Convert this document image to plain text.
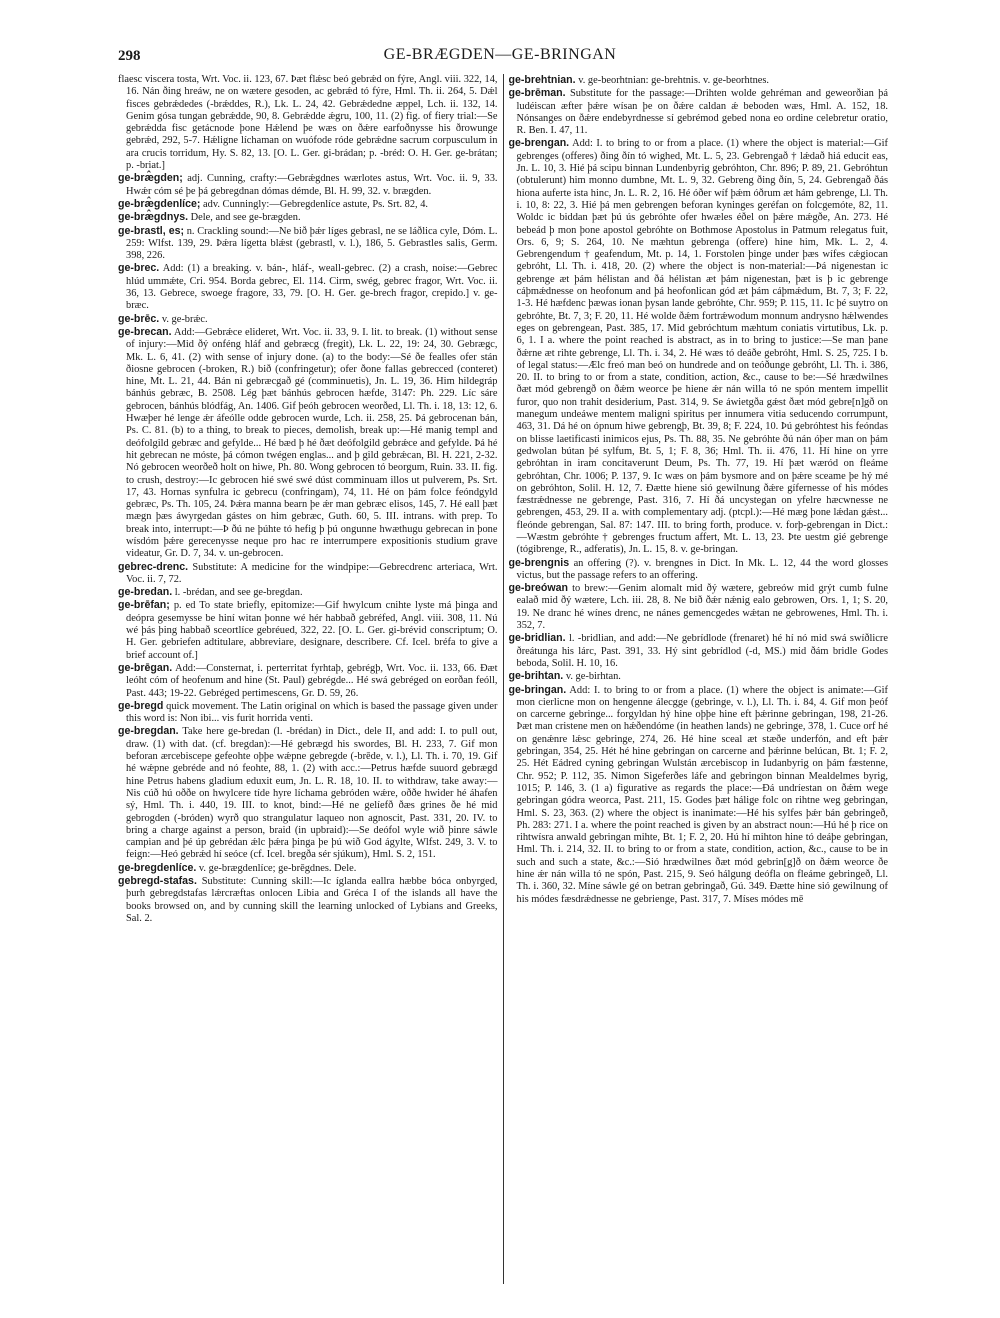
298	GE-BRÆGDEN—GE-BRINGAN

flaesc viscera tosta, Wrt. Voc. ii. 123, 67. Þæt flǽsc beó gebrǽd on fýre, Angl. viii. 322, 14, 16. Nán ðing hreáw, ne on wætere gesoden, ac gebrǽd tó fýre, Hml. Th. ii. 264, 5. Dǽl fisces gebrǽdedes (-brǽddes, R.), Lk. L. 24, 42. Gebrǽdedne æppel, Lch. ii. 132, 14. Genim gósa tungan gebrǽdde, 90, 8. Gebrǽdde ǽgru, 100, 11. (2) fig. of fiery trial:—Se gebrǽdda fisc getácnode þone Hǽlend þe wæs on ðǽre earfoðnysse his ðrowunge gebrǽd, 292, 5-7. Hǽligne líchaman on wuófode róde gebrǽdne sacrum corpusculum in ara crucis torridum, Hy. S. 82, 13. [O. L. Ger. gi-brádan; p. -bréd: O. H. Ger. ge-brátan; p. -briat.]

ge-bræ̂gden; adj. Cunning, crafty:—Gebrǽgdnes wærlotes astus, Wrt. Voc. ii. 9, 33. Hwǽr cóm sé þe þá gebregdnan dómas démde, Bl. H. 99, 32. v. brægden.

ge-bræ̂gdenlíce; adv. Cunningly:—Gebregdenlíce astute, Ps. Srt. 82, 4.

ge-bræ̂gdnys. Dele, and see ge-brægden.

ge-brastl, es; n. Crackling sound:—Ne bið þǽr líges gebrasl, ne se láðlica cyle, Dóm. L. 259: Wlfst. 139, 29. Þǽra lígetta blǽst (gebrastl, v. l.), 186, 5. Gebrastles salis, Germ. 398, 226.

ge-brec. Add: (1) a breaking. v. bán-, hláf-, weall-gebrec. (2) a crash, noise:—Gebrec hlúd ummǽte, Cri. 954. Borda gebrec, El. 114. Cirm, swég, gebrec fragor, Wrt. Voc. ii. 36, 13. Gebrece, swoege fragore, 33, 79. [O. H. Ger. ge-brech fragor, crepido.] v. ge-bræc.

ge-brēc. v. ge-brǽc.

ge-brecan. Add:—Gebrǽce elideret, Wrt. Voc. ii. 33, 9. I. lit. to break. (1) without sense of injury:—Mid ðý onféng hláf and gebræcg (fregit), Lk. L. 22, 19: 24, 30. Gebrægc, Mk. L. 6, 41. (2) with sense of injury done. (a) to the body:—Sé ðe fealles ofer stán ðiosne gebrocen (-broken, R.) bið (confringetur); ofer ðone fallas gebrecced (conteret) hine, Mt. L. 21, 44. Bán ni gebræcgað gé (comminuetis), Jn. L. 19, 36. Him hildegráp bánhús gebræc, B. 2508. Lég þæt bánhús gebrocen hæfde, 3147: Ph. 229. Líc sáre gebrocen, bánhús blódfág, An. 1406. Gif þeóh gebrocen weorðed, Ll. Th. i. 18, 13: 12, 6. Hwæþer hé lenge ǽr áfeólle odde gebrocen wurde, Lch. ii. 258, 25. Þá gebrocenan bán, Ps. C. 81. (b) to a thing, to break to pieces, demolish, break up:—Hé manig templ and deófolgild gebræc and gefylde... Hé bæd þ hé ðæt deófolgild gebrǽce and gefylde. Þá hé hit gebrecan ne móste, þá cómon twégen englas... and þ gild gebrǽcan, Bl. H. 221, 2-32. Nó gebrocen weorðeð holt on hiwe, Ph. 80. Wong gebrocen tó beorgum, Ruin. 33. II. fig. to crush, destroy:—Ic gebrocen hié swé swé dúst comminuam illos ut pulverem, Ps. Srt. 17, 43. Hornas synfulra ic gebrecu (confringam), 74, 11. Hé on þám folce feóndgyld gebræc, Ps. Th. 105, 24. Þǽra manna bearn þe ǽr man gebræc elisos, 145, 7. Hé eall þæt mægn þæs áwyrgedan gástes on him gebræc, Guth. 60, 5. III. intrans. with prep. To break into, interrupt:—Þ ðú ne þúhte tó hefig þ þú ongunne hwæthugu gebrecan in þone wísdóm þǽre gerecenysse neque pro hac re interrumpere expositionis studium grave videatur, Gr. D. 7, 34. v. un-gebrocen.

gebrec-drenc. Substitute: A medicine for the windpipe:—Gebrecdrenc arteriaca, Wrt. Voc. ii. 7, 72.

ge-bredan. l. -brédan, and see ge-bregdan.

ge-brēfan; p. ed To state briefly, epitomize:—Gif hwylcum cnihte lyste má þinga and deópra gesemysse be hiní witan þonne wé hér habbað gebréfed, Angl. viii. 308, 11. Nú wé þás þing habbað sceortlíce gebréued, 322, 22. [O. L. Ger. gi-brévid conscriptum; O. H. Ger. gebriefen adtitulare, abbreviare, designare, describere. Cf. Icel. bréfa to give a brief account of.]

ge-brēgan. Add:—Consternat, i. perterritat fyrhtaþ, gebrégþ, Wrt. Voc. ii. 133, 66. Ðæt leóht cóm of heofenum and hine (St. Paul) gebrégde... Hé swá gebréged on eorðan feóll, Past. 443; 19-22. Gebréged pertimescens, Gr. D. 59, 26.

ge-bregd quick movement. The Latin original on which is based the passage given under this word is: Non ibi... vis furit horrida venti.

ge-bregdan. Take here ge-bredan (l. -brédan) in Dict., dele II, and add: I. to pull out, draw. (1) with dat. (cf. bregdan):—Hé gebrægd his swordes, Bl. H. 233, 7. Gif mon beforan ærcebiscepe gefeohte oþþe wǽpne gebregde (-brēde, v. l.), Ll. Th. i. 70, 19. Gif hé wǽpne gebréde and nó feohte, 88, 1. (2) with acc.:—Petrus hæfde suuord gebrægd hine Petrus habens gladium eduxit eum, Jn. L. R. 18, 10. II. to withdraw, take away:—Nis cúð hú oððe on hwylcere tíde hyre líchama gebróden wǽre, oððe hwider hé áhafen sý, Hml. Th. i. 440, 19. III. to knot, bind:—Hé ne gelíefð ðæs grines ðe hé mid gebrogden (-bróden) wyrð quo strangulatur laqueo non agnoscit, Past. 331, 20. IV. to bring a charge against a person, braid (in upbraid):—Se deófol wyle wið þinre sáwle campian and þé úp gebrédan ǽlc þǽra þinga þe þú wið God ágylte, Wlfst. 249, 3. V. to feign:—Heó gebrǽd hí seóce (cf. Icel. bregða sér sjúkum), Hml. S. 2, 151.

ge-bregdenlíce. v. ge-brægdenlíce; ge-brēgdnes. Dele.

gebregd-stafas. Substitute: Cunning skill:—Ic íglanda eallra hæbbe bóca onbyrged, þurh gebregdstafas lǽrcræftas onlocen Libia and Gréca I of the islands all have the books browsed on, and by cunning skill the learning unlocked of Lybians and Greeks, Sal. 2.

ge-brehtnian. v. ge-beorhtnian: ge-brehtnis. v. ge-beorhtnes.

ge-brēman. Substitute for the passage:—Drihten wolde gehréman and geweorðian þá ludéiscan æfter þǽre wísan þe on ðǽre caldan ǽ beboden wæs, Hml. A. 152, 18. Nónsanges on ðǽre endebyrdnesse sí gebrémod gebed nona eo ordine celebretur oratio, R. Ben. I. 47, 11.

ge-brengan. Add: I. to bring to or from a place. (1) where the object is material:—Gif gebrenges (offeres) ðing ðín tó wighed, Mt. L. 5, 23. Gebrengað † lǽdað hiá educit eas, Jn. L. 10, 3. Hié þá scipu binnan Lundenbyrig gebróhton, Chr. 896; P. 89, 21. Gebróhtun (obtulerunt) him monno dumbne, Mt. L. 9, 32. Gebreng ðing ðín, 5, 24. Gebrengað ðás hiona auferte ista hinc, Jn. L. R. 2, 16. Hé óðer wíf þǽm óðrum æt hám gebrenge, Ll. Th. i. 10, 8: 22, 3. Hié þá men gebrengen beforan kyninges geréfan on folcgemóte, 82, 11. Woldc ic biddan þæt þú ús gebróhte ofer hwæles éðel on þǽre mǽgðe, An. 273. Hé bebeád þ mon þone apostol gebróhte on Bothmose Apostolus in Patmum relegatus fuit, Ors. 6, 9; S. 264, 10. Ne mæhtun gebrenga (offere) hine him, Mk. L. 2, 4. Gebrengendum † geafendum, Mt. p. 14, 1. Forstolen þinge under þæs wífes cǽgiocan gebróht, Ll. Th. i. 418, 20. (2) where the object is non-material:—Þá nigenestan ic gebrenge æt þám hélistan and ðá hélistan æt þám nigenestan, þæt is þ ic gebrenge cáþmǽdnesse on heofonum and þá heofonlican gód æt þám cáþmǽdum, Bt. 7, 3; F. 22, 1-3. Hé hæfdenc þæwas ionan þysan lande gebróhte, Chr. 959; P. 115, 11. Ic þé suytro on gebróhte, Bt. 7, 3; F. 20, 11. Hé wolde ðǽm fortrǽwodum monnum andrysno hǽlwendes eges on gebrengean, Past. 385, 17. Mid gebróchtum mæhtum coniatis virtutibus, Lk. p. 6, 1. I a. where the point reached is abstract, as in to bring to justice:—Se man þane ðǽrne æt rihte gebrenge, Ll. Th. i. 34, 2. Hé wæs tó deáðe gebróht, Hml. S. 25, 725. I b. of legal status:—Ælc freó man beó on hundrede and on teóðunge gebróht, Ll. Th. i. 386, 20. II. to bring to or from a state, condition, action, &c., cause to be:—Sé hrædwilnes ðæt mód gebrengð on ðǽm weorce þe hiene ǽr nán willa tó ne spón mentem impellit furor, quo non trahit desiderium, Past. 314, 9. Se áwietgða gǽst ðæt mód gebre[n]gð on manegum undeáwe mentem maligni spiritus per innumera vitia seducendo corrumpunt, 463, 31. Dá hé on ópnum hiwe gebrengþ, Bt. 39, 8; F. 224, 10. Þú gebróhtest his feóndas on blisse laetificasti inimicos ejus, Ps. Th. 88, 35. Ne gebróhte ðú nán óþer man on þám gedwolan bútan þé sylfum, Bt. 5, 1; F. 8, 36; Hml. Th. ii. 476, 11. Hí hine on yrre gebróhtan in iram concitaverunt Deum, Ps. Th. 77, 19. Hí þæt wæród on fleáme gebróhtan, Chr. 1006; P. 137, 9. Ic wæs on þám bysmore and on þǽre sceame þe hý mé on gebróhton, Solil. H. 12, 7. Ðætte hiene sió gewilnung ðǽre gífernesse of his módes fæstrǽdnesse ne gebrenge, Past. 316, 7. Hí ðá uncystegan on yfelre hæcwnesse ne gebrengen, 453, 29. II a. with complementary adj. (ptcpl.):—Hé mæg þone lǽdan gǽst... fleónde gebrengan, Sal. 87: 147. III. to bring forth, produce. v. forþ-gebrengan in Dict.:—Wæstm gebróhte † gebrenges fructum affert, Mt. L. 13, 23. Þte uestm gié gebrenge (tógibrenge, R., adferatis), Jn. L. 15, 8. v. ge-bringan.

ge-brengnis an offering (?). v. brengnes in Dict. In Mk. L. 12, 44 the word glosses victus, but the passage refers to an offering.

ge-breówan to brew:—Genim alomalt mid ðý wætere, gebreów mid grýt cumb fulne ealað mid ðý wætere, Lch. iii. 28, 8. Ne bið ðǽr nǽnig ealo gebrowen, Ors. 1, 1; S. 20, 19. Ne dranc hé wínes drenc, ne nánes gemencgedes wǽtan ne gebrowenes, Hml. Th. i. 352, 7.

ge-bridlian. l. -bridlian, and add:—Ne gebrídlode (frenaret) hé hí nó mid swá swíðlicre ðreátunga his lárc, Past. 391, 33. Hý sint gebrídlod (-d, MS.) mid ðám bridle Godes beboda, Solil. H. 10, 16.

ge-brihtan. v. ge-birhtan.

ge-bringan. Add: I. to bring to or from a place. (1) where the object is animate:—Gif mon cierlicne mon on hengenne álecgge (gebringe, v. l.), Ll. Th. i. 84, 4. Gif mon þeóf on carcerne gebringe... forgyldan hý hine oþþe hine eft þǽrinne gebringan, 198, 21-26. Þæt man cristene men on hǽðendóme (in heathen lands) ne gebringe, 378, 1. Cuce orf hé on genǽnre lǽsc gebringe, 274, 26. Hé hine sceal æt stæðe underfón, and eft þǽr gebringan, 354, 25. Hét hé hine gebringan on carcerne and þǽrinne belúcan, Bt. 1; F. 2, 25. Hét Eádred cyning gebringan Wulstán ærcebiscop in Iudanbyrig on þám fæstenne, Chr. 952; P. 112, 35. Nimon Sigeferðes láfe and gebringon binnan Mealdelmes byrig, 1015; P. 146, 3. (1 a) figurative as regards the place:—Ðá undríestan on ðǽm wege gebringan gódra weorca, Past. 211, 15. Godes þæt hálige folc on rihtne weg gebringan, Hml. S. 23, 363. (2) where the object is inanimate:—Hé his sylfes þǽr bán gebringeð, Ph. 283: 271. I a. where the point reached is given by an abstract noun:—Hú hé þ rice on rihtwísra anwald gebringan mihte, Bt. 1; F. 2, 20. Hú hí mihton hine tó deáþe gebringan, Hml. Th. i. 214, 32. II. to bring to or from a state, condition, action, &c., cause to be in such and such a state, &c.:—Sió hrædwilnes ðæt mód gebrin[g]ð on ðǽm weorce ðe hine ǽr nán willa tó ne spón, Past. 215, 9. Seó hálgung deófla on fleáme gebringeð, Ll. Th. i. 360, 32. Míne sáwle gé on betran gebringað, Gú. 349. Ðætte hine sió gewilnung of his módes fæsdrǽdnesse ne gebrienge, Past. 317, 7. Míses módes mē
